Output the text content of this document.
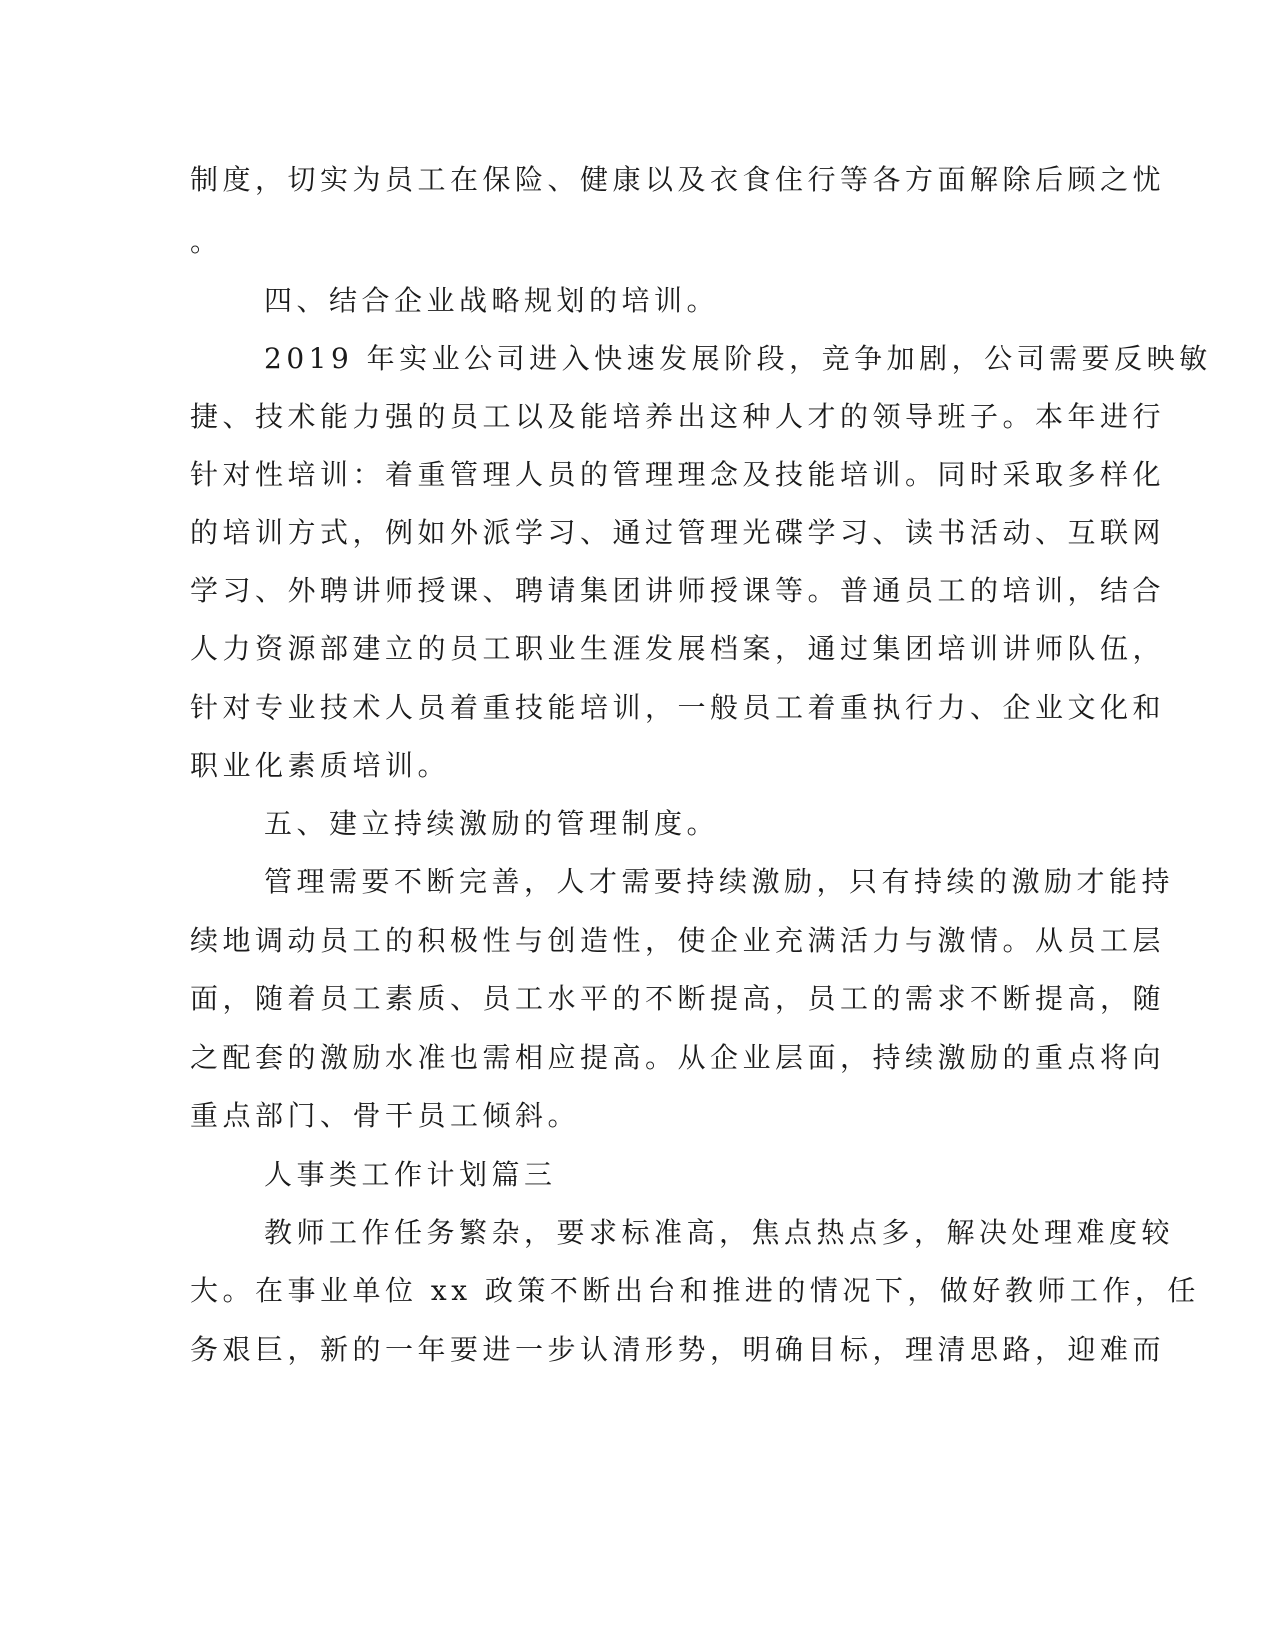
制度，切实为员工在保险、健康以及衣食住行等各方面解除后顾之忧

。

四、结合企业战略规划的培训。

2019 年实业公司进入快速发展阶段，竞争加剧，公司需要反映敏

捷、技术能力强的员工以及能培养出这种人才的领导班子。本年进行

针对性培训：着重管理人员的管理理念及技能培训。同时采取多样化

的培训方式，例如外派学习、通过管理光碟学习、读书活动、互联网

学习、外聘讲师授课、聘请集团讲师授课等。普通员工的培训，结合

人力资源部建立的员工职业生涯发展档案，通过集团培训讲师队伍，

针对专业技术人员着重技能培训，一般员工着重执行力、企业文化和

职业化素质培训。

五、建立持续激励的管理制度。

管理需要不断完善，人才需要持续激励，只有持续的激励才能持

续地调动员工的积极性与创造性，使企业充满活力与激情。从员工层

面，随着员工素质、员工水平的不断提高，员工的需求不断提高，随

之配套的激励水准也需相应提高。从企业层面，持续激励的重点将向

重点部门、骨干员工倾斜。

人事类工作计划篇三

教师工作任务繁杂，要求标准高，焦点热点多，解决处理难度较

大。在事业单位 xx 政策不断出台和推进的情况下，做好教师工作，任

务艰巨，新的一年要进一步认清形势，明确目标，理清思路，迎难而
